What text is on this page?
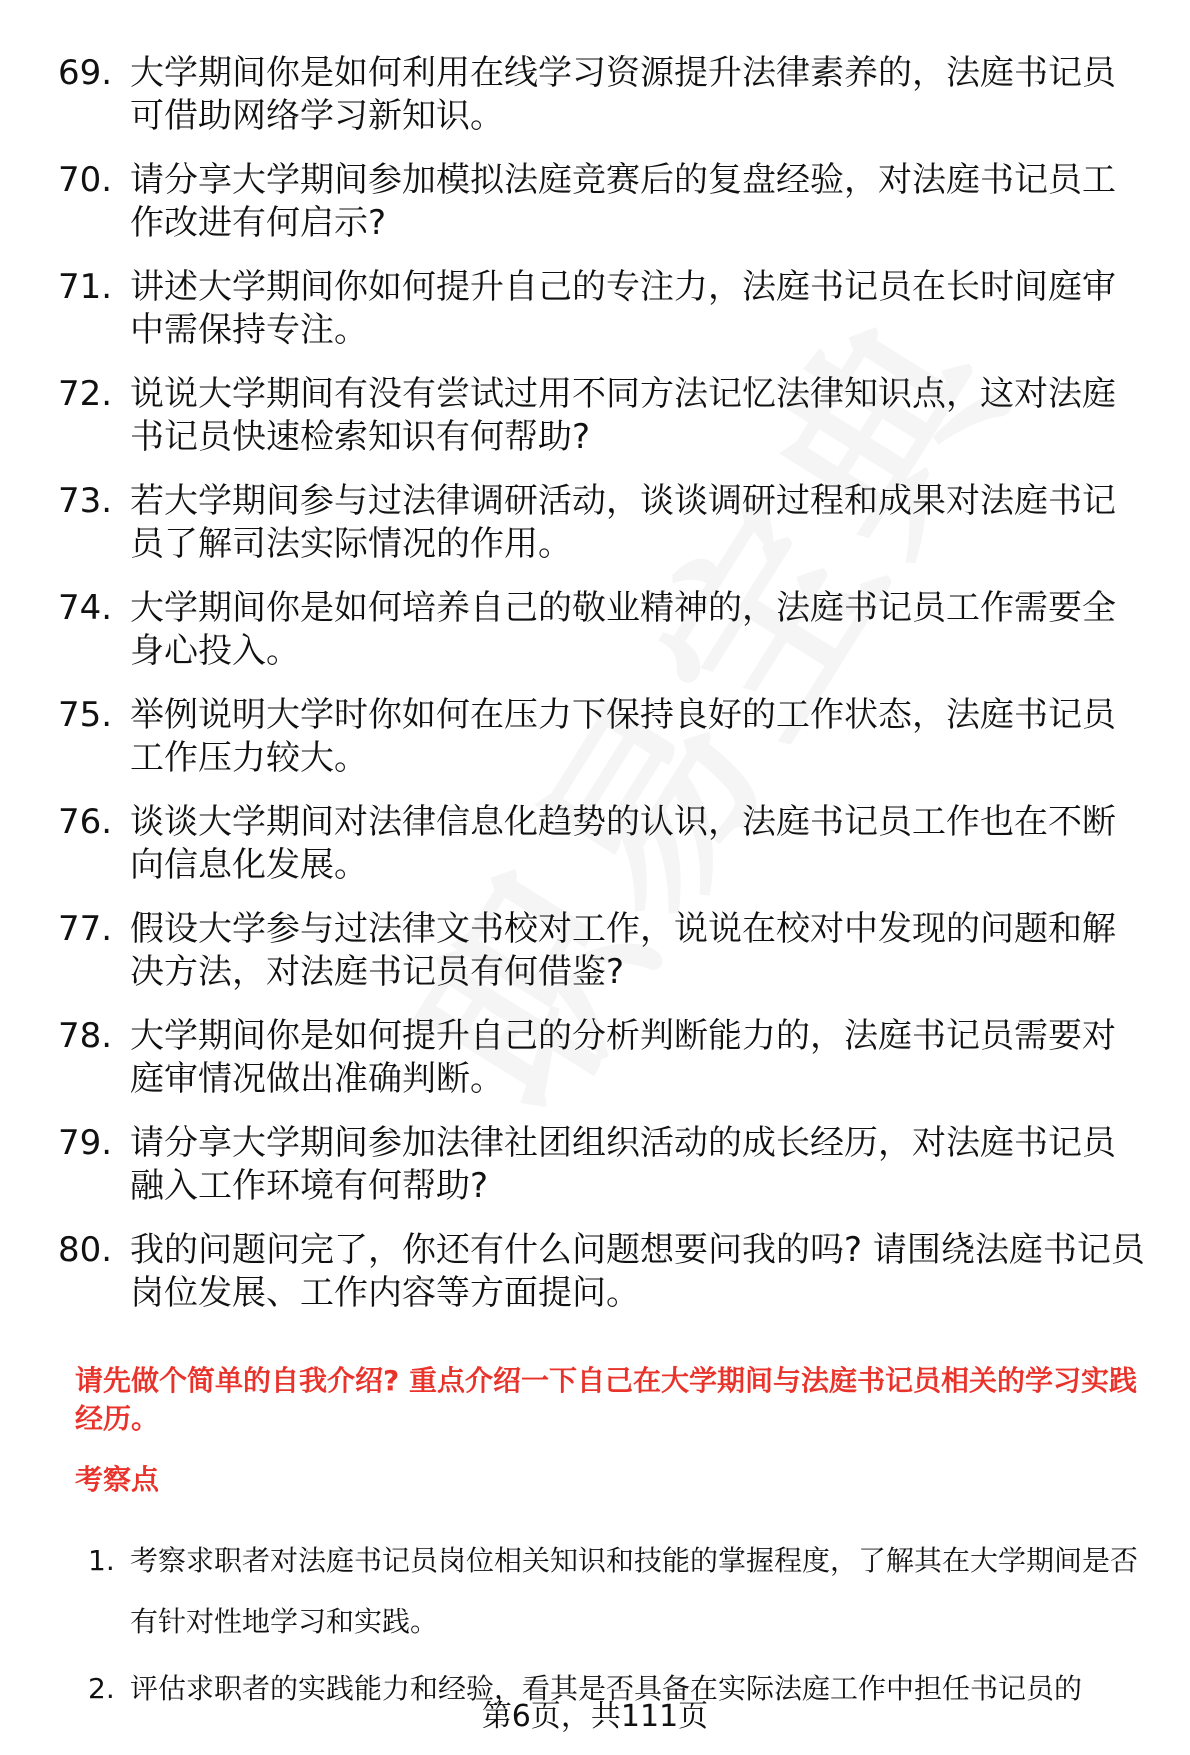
69. 大学期间你是如何利用在线学习资源提升法律素养的，法庭书记员可借助网络学习新知识。
70. 请分享大学期间参加模拟法庭竞赛后的复盘经验，对法庭书记员工作改进有何启示?
71. 讲述大学期间你如何提升自己的专注力，法庭书记员在长时间庭审中需保持专注。
72. 说说大学期间有没有尝试过用不同方法记忆法律知识点，这对法庭书记员快速检索知识有何帮助?
73. 若大学期间参与过法律调研活动，谈谈调研过程和成果对法庭书记员了解司法实际情况的作用。
74. 大学期间你是如何培养自己的敬业精神的，法庭书记员工作需要全身心投入。
75. 举例说明大学时你如何在压力下保持良好的工作状态，法庭书记员工作压力较大。
76. 谈谈大学期间对法律信息化趋势的认识，法庭书记员工作也在不断向信息化发展。
77. 假设大学参与过法律文书校对工作，说说在校对中发现的问题和解决方法，对法庭书记员有何借鉴?
78. 大学期间你是如何提升自己的分析判断能力的，法庭书记员需要对庭审情况做出准确判断。
79. 请分享大学期间参加法律社团组织活动的成长经历，对法庭书记员融入工作环境有何帮助?
80. 我的问题问完了，你还有什么问题想要问我的吗? 请围绕法庭书记员岗位发展、工作内容等方面提问。
请先做个简单的自我介绍? 重点介绍一下自己在大学期间与法庭书记员相关的学习实践经历。
考察点
1. 考察求职者对法庭书记员岗位相关知识和技能的掌握程度，了解其在大学期间是否有针对性地学习和实践。
2. 评估求职者的实践能力和经验，看其是否具备在实际法庭工作中担任书记员的
第6页，共111页
